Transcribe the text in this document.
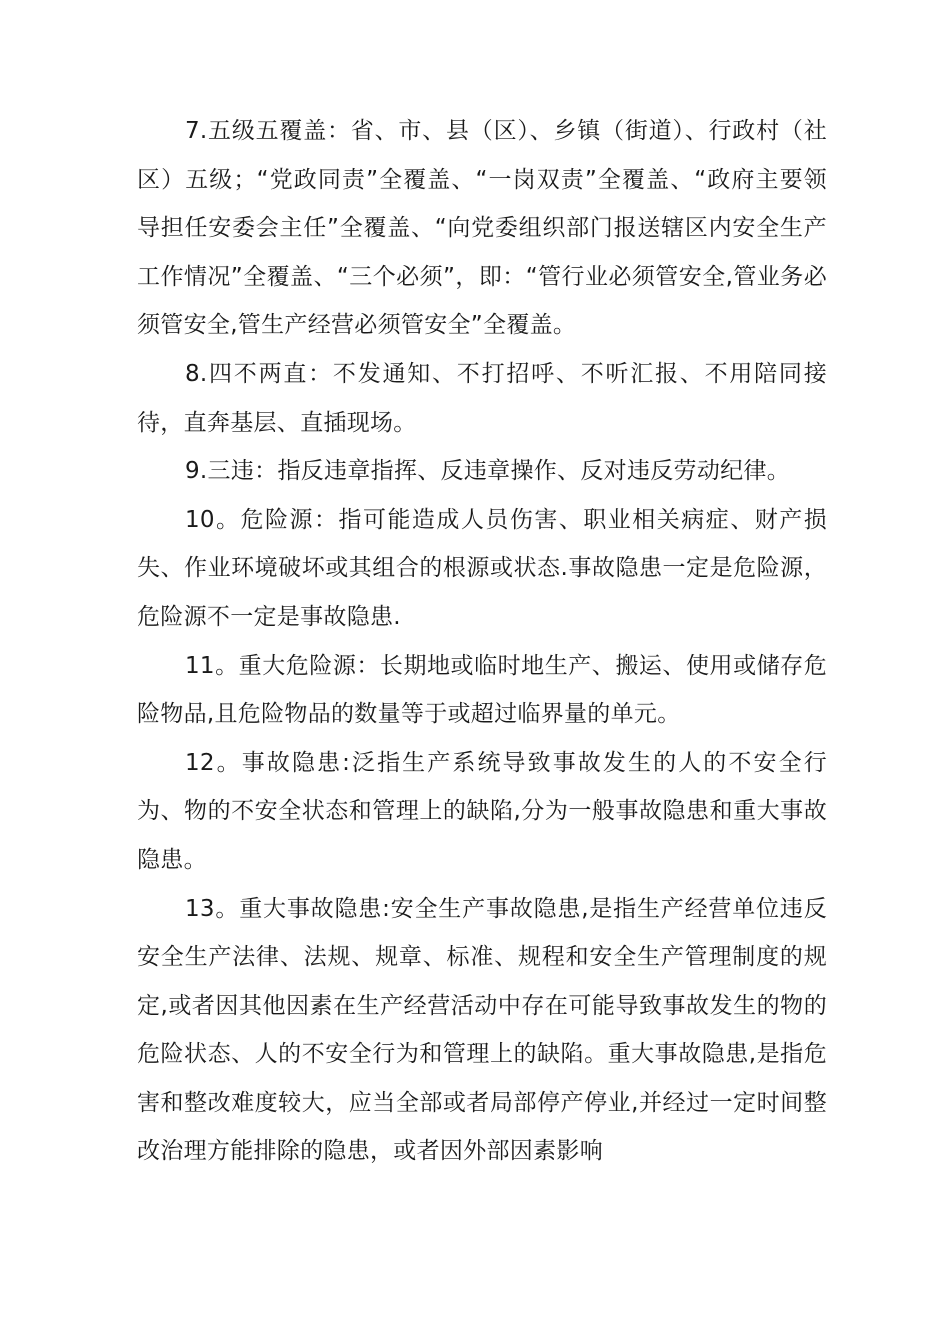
7.五级五覆盖：省、市、县（区）、乡镇（街道）、行政村（社区）五级；“党政同责”全覆盖、“一岗双责”全覆盖、“政府主要领导担任安委会主任”全覆盖、“向党委组织部门报送辖区内安全生产工作情况”全覆盖、“三个必须”，即：“管行业必须管安全,管业务必须管安全,管生产经营必须管安全”全覆盖。

8.四不两直：不发通知、不打招呼、不听汇报、不用陪同接待，直奔基层、直插现场。

9.三违：指反违章指挥、反违章操作、反对违反劳动纪律。

10。危险源：指可能造成人员伤害、职业相关病症、财产损失、作业环境破坏或其组合的根源或状态.事故隐患一定是危险源，危险源不一定是事故隐患.

11。重大危险源：长期地或临时地生产、搬运、使用或储存危险物品,且危险物品的数量等于或超过临界量的单元。

12。事故隐患:泛指生产系统导致事故发生的人的不安全行为、物的不安全状态和管理上的缺陷,分为一般事故隐患和重大事故隐患。

13。重大事故隐患:安全生产事故隐患,是指生产经营单位违反安全生产法律、法规、规章、标准、规程和安全生产管理制度的规定,或者因其他因素在生产经营活动中存在可能导致事故发生的物的危险状态、人的不安全行为和管理上的缺陷。重大事故隐患,是指危害和整改难度较大，应当全部或者局部停产停业,并经过一定时间整改治理方能排除的隐患，或者因外部因素影响
